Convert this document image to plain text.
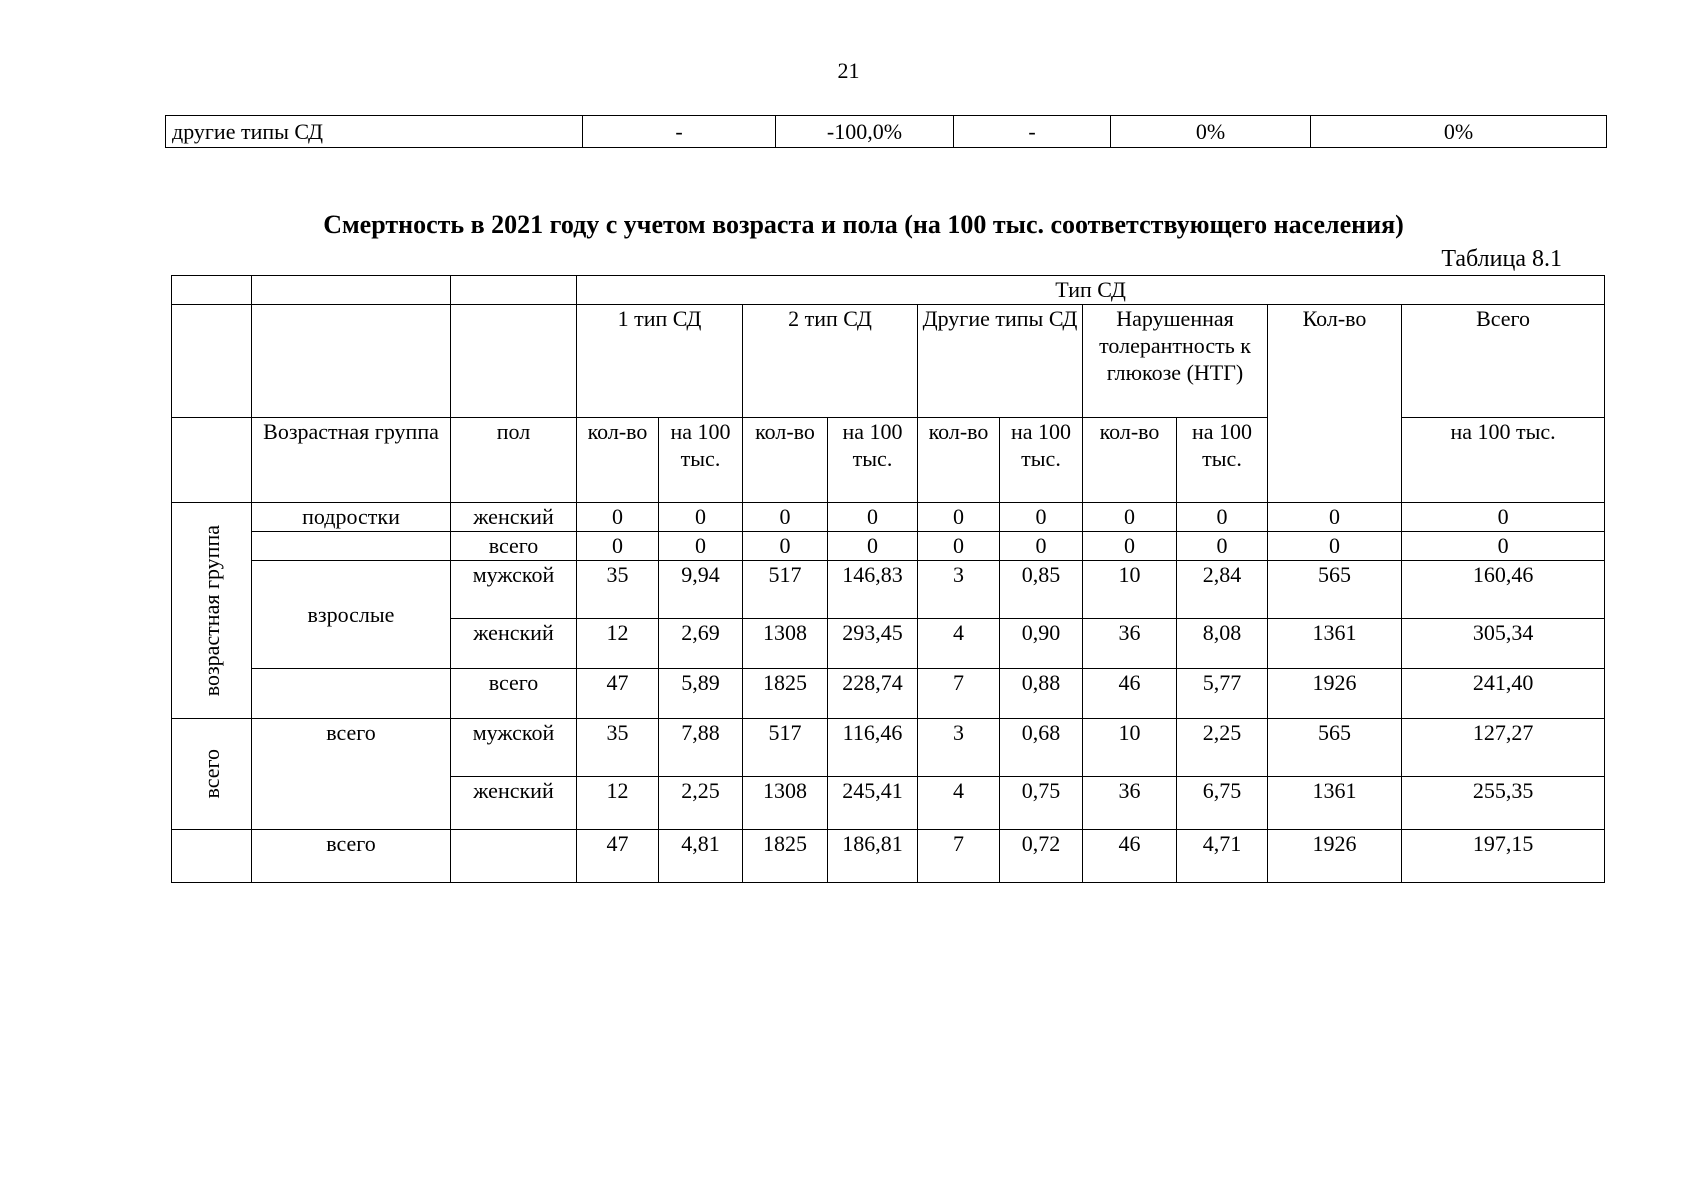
21
другие типы СД	-	-100,0%	-	0%	0%
Смертность в 2021 году с учетом возраста и пола (на 100 тыс. соответствующего населения)
Таблица 8.1
			Тип СД									
			1 тип СД		2 тип СД		Другие типы СД		Нарушенная толерантность к глюкозе (НТГ)		Кол-во	Всего
	Возрастная группа	пол	кол-во	на 100 тыс.	кол-во	на 100 тыс.	кол-во	на 100 тыс.	кол-во	на 100 тыс.		на 100 тыс.

возрастная группа	подростки	женский	0	0	0	0	0	0	0	0	0	0
		всего	0	0	0	0	0	0	0	0	0	0
	взрослые	мужской	35	9,94	517	146,83	3	0,85	10	2,84	565	160,46
		женский	12	2,69	1308	293,45	4	0,90	36	8,08	1361	305,34
		всего	47	5,89	1825	228,74	7	0,88	46	5,77	1926	241,40

всего	всего	мужской	35	7,88	517	116,46	3	0,68	10	2,25	565	127,27
		женский	12	2,25	1308	245,41	4	0,75	36	6,75	1361	255,35
	всего		47	4,81	1825	186,81	7	0,72	46	4,71	1926	197,15
